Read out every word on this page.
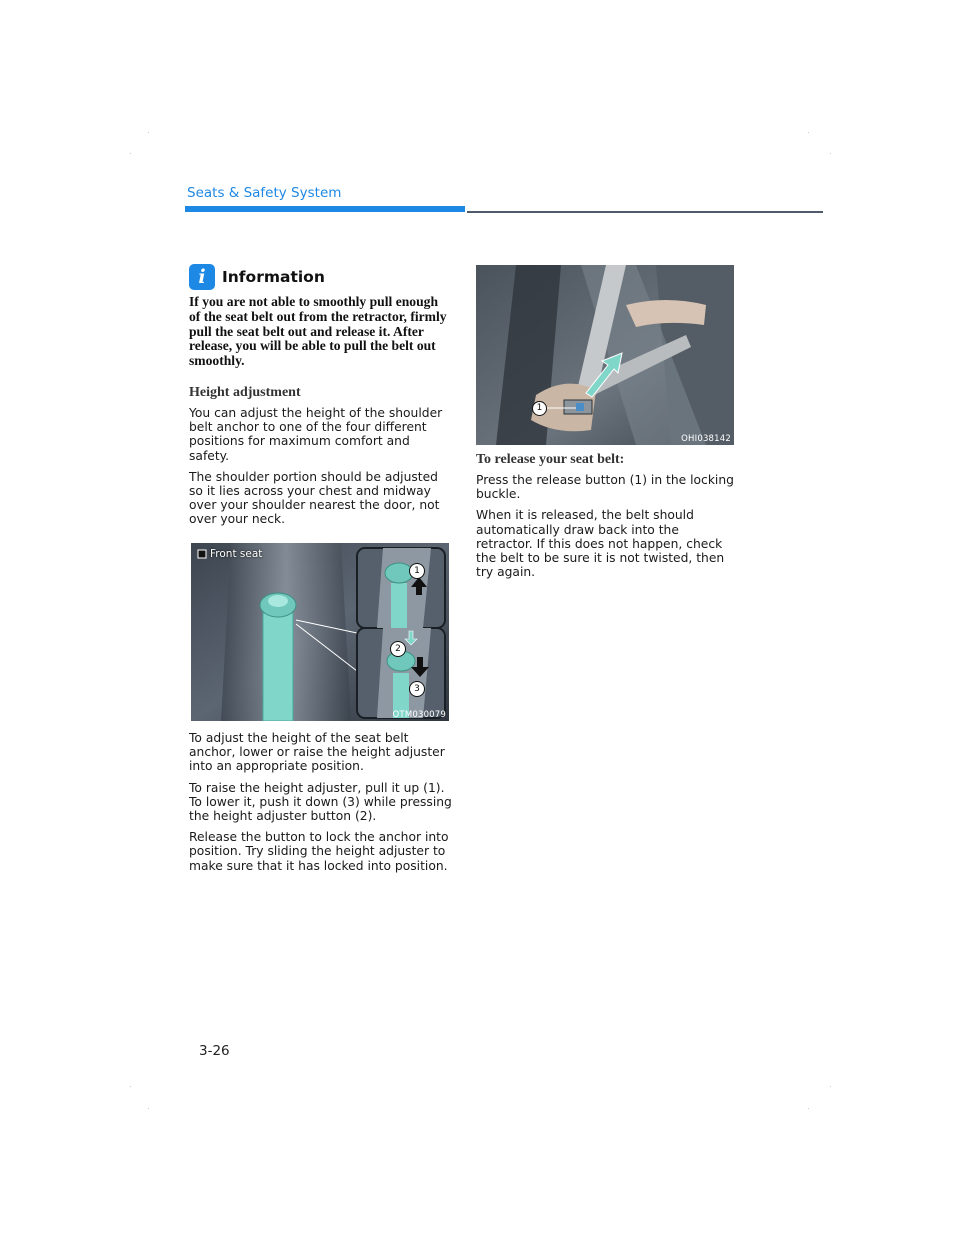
Seats & Safety System
i	Information
If you are not able to smoothly pull enough of the seat belt out from the retractor, firmly pull the seat belt out and release it. After release, you will be able to pull the belt out smoothly.
Height adjustment

You can adjust the height of the shoulder belt anchor to one of the four different positions for maximum comfort and safety.

The shoulder portion should be adjusted so it lies across your chest and midway over your shoulder nearest the door, not over your neck.

Front seat
1
2
3
OTM030079

To adjust the height of the seat belt anchor, lower or raise the height adjuster into an appropriate position.

To raise the height adjuster, pull it up (1). To lower it, push it down (3) while pressing the height adjuster button (2).

Release the button to lock the anchor into position. Try sliding the height adjuster to make sure that it has locked into position.

1
OHI038142
To release your seat belt:

Press the release button (1) in the locking buckle.

When it is released, the belt should automatically draw back into the retractor. If this does not happen, check the belt to be sure it is not twisted, then try again.

3-26
